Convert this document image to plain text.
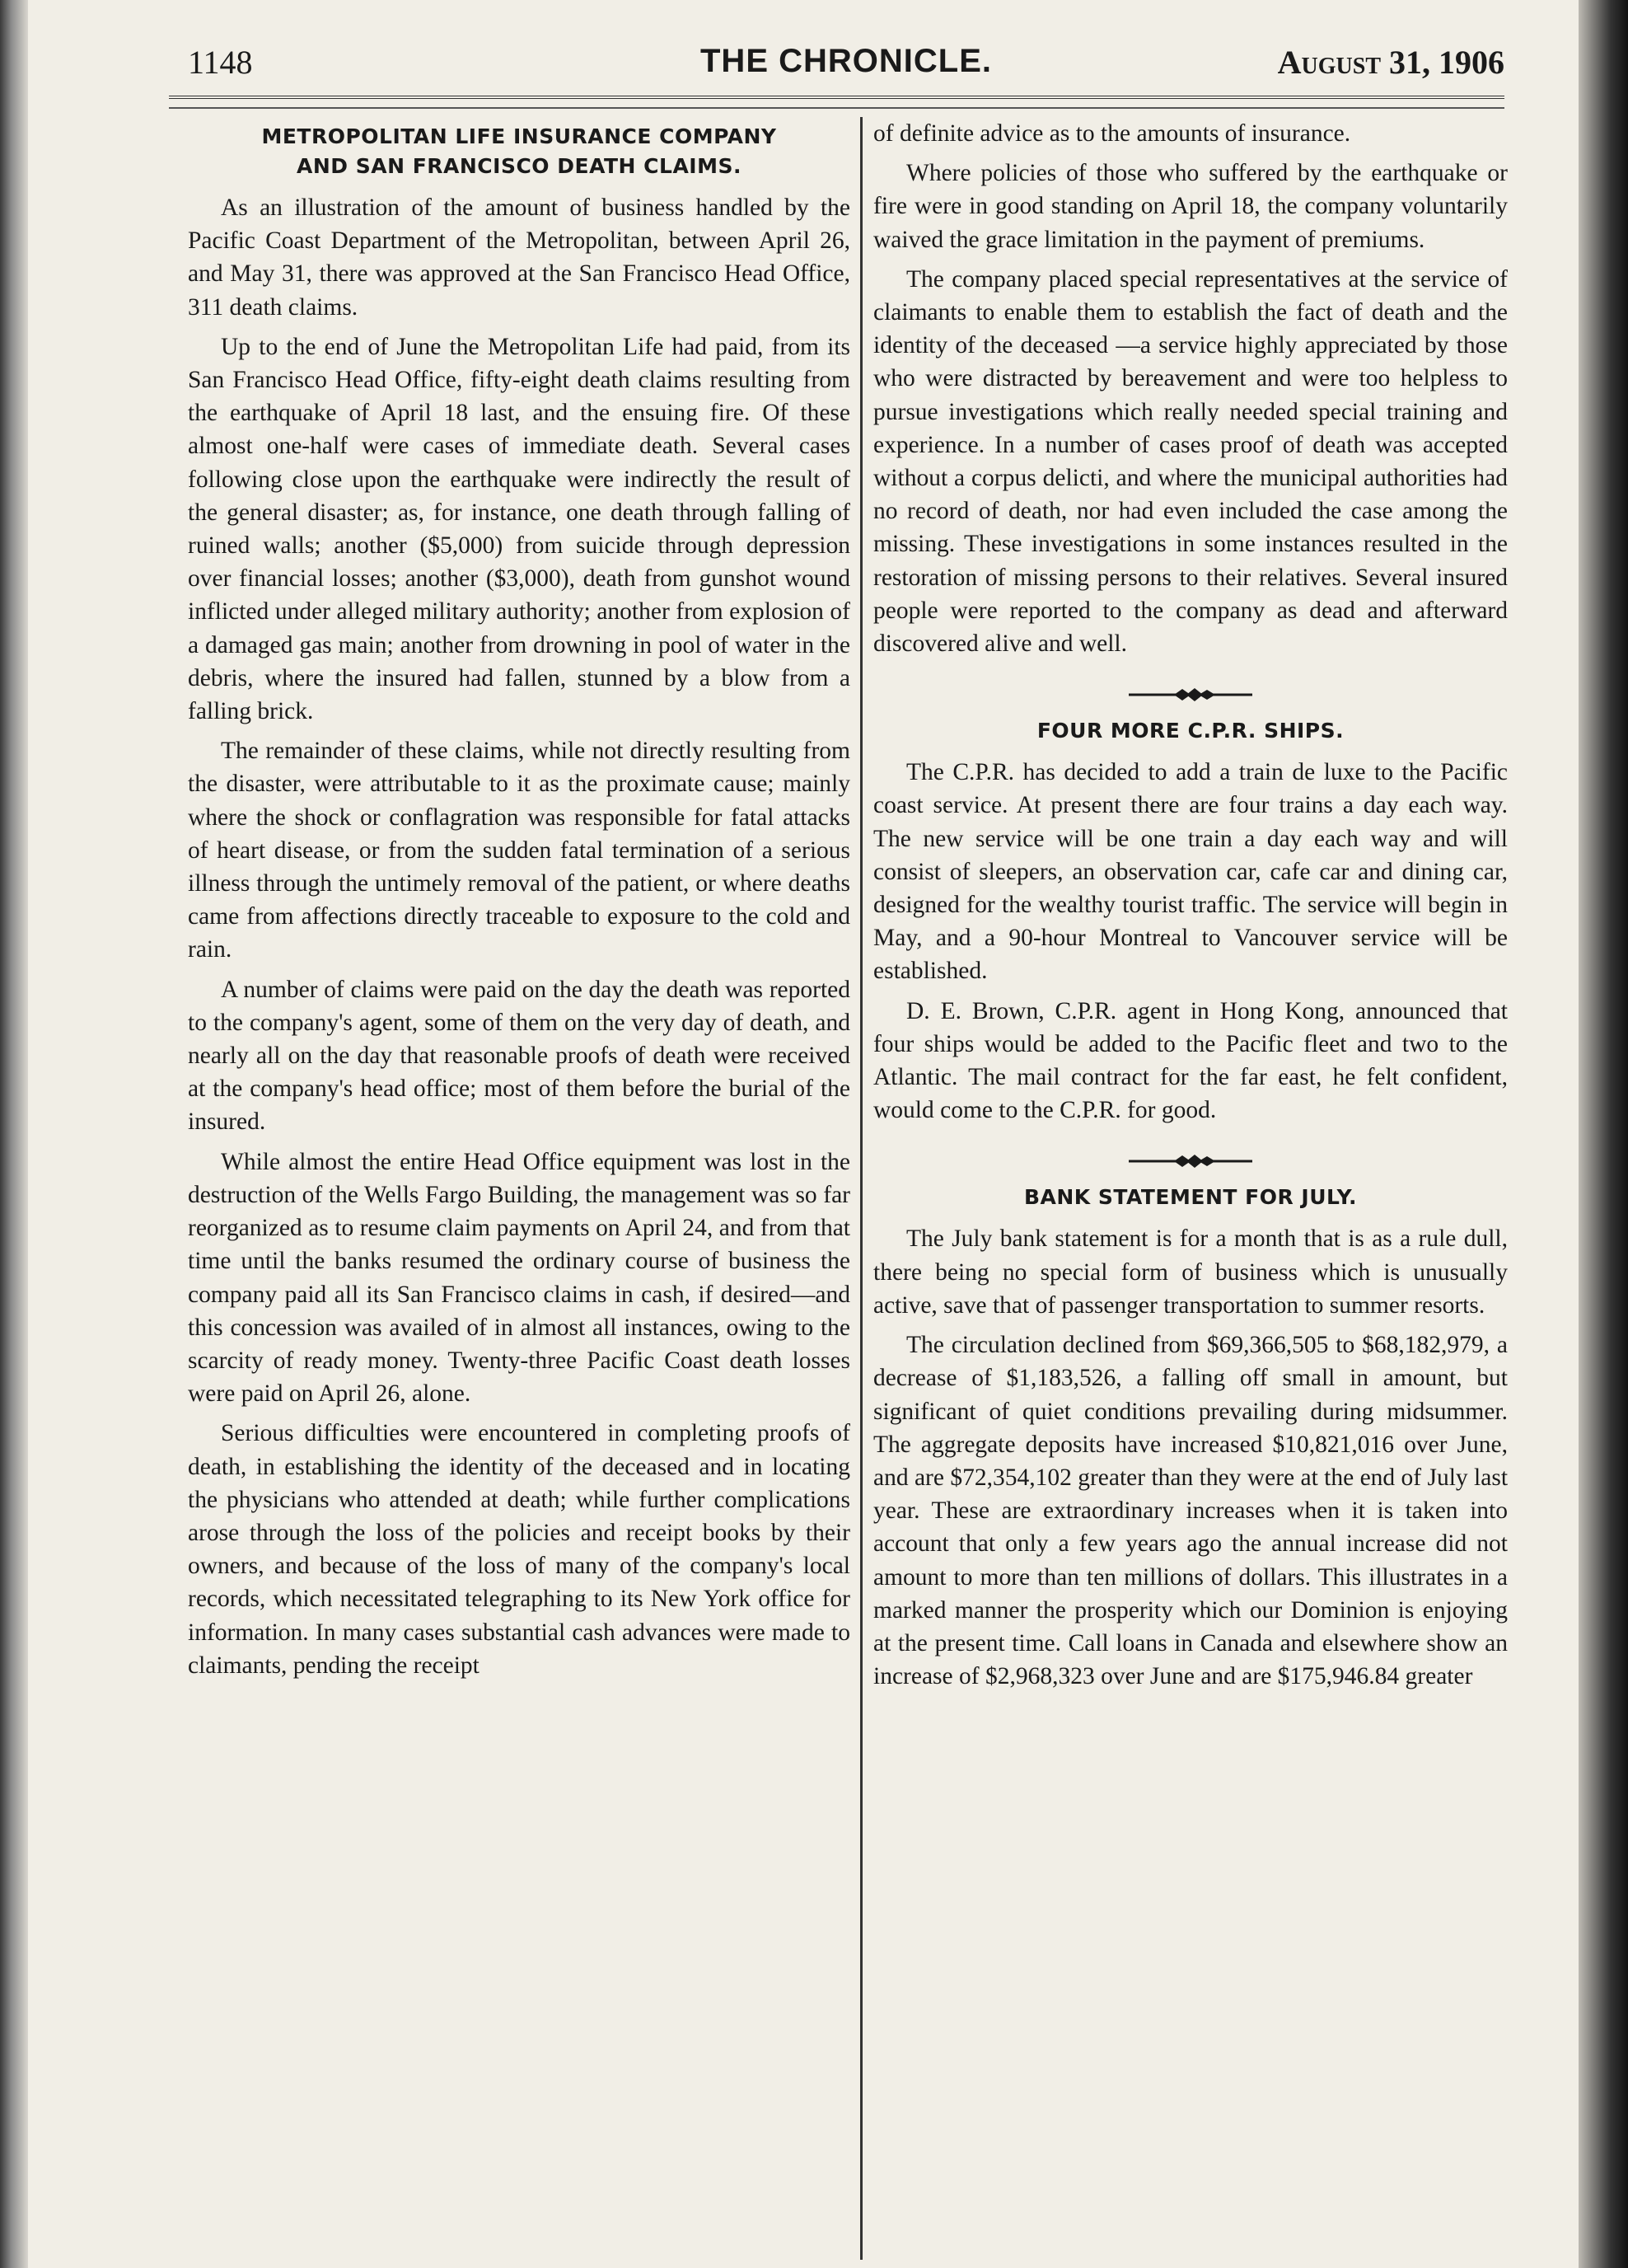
1148	THE CHRONICLE.	August 31, 1906
METROPOLITAN LIFE INSURANCE COMPANY
AND SAN FRANCISCO DEATH CLAIMS.

As an illustration of the amount of business handled by the Pacific Coast Department of the Metropolitan, between April 26, and May 31, there was approved at the San Francisco Head Office, 311 death claims.

Up to the end of June the Metropolitan Life had paid, from its San Francisco Head Office, fifty-eight death claims resulting from the earthquake of April 18 last, and the ensuing fire. Of these almost one-half were cases of immediate death. Several cases following close upon the earthquake were indirectly the result of the general disaster; as, for instance, one death through falling of ruined walls; another ($5,000) from suicide through depression over financial losses; another ($3,000), death from gunshot wound inflicted under alleged military authority; another from explosion of a damaged gas main; another from drowning in pool of water in the debris, where the insured had fallen, stunned by a blow from a falling brick.

The remainder of these claims, while not directly resulting from the disaster, were attributable to it as the proximate cause; mainly where the shock or conflagration was responsible for fatal attacks of heart disease, or from the sudden fatal termination of a serious illness through the untimely removal of the patient, or where deaths came from affections directly traceable to exposure to the cold and rain.

A number of claims were paid on the day the death was reported to the company's agent, some of them on the very day of death, and nearly all on the day that reasonable proofs of death were received at the company's head office; most of them before the burial of the insured.

While almost the entire Head Office equipment was lost in the destruction of the Wells Fargo Building, the management was so far reorganized as to resume claim payments on April 24, and from that time until the banks resumed the ordinary course of business the company paid all its San Francisco claims in cash, if desired—and this concession was availed of in almost all instances, owing to the scarcity of ready money. Twenty-three Pacific Coast death losses were paid on April 26, alone.

Serious difficulties were encountered in completing proofs of death, in establishing the identity of the deceased and in locating the physicians who attended at death; while further complications arose through the loss of the policies and receipt books by their owners, and because of the loss of many of the company's local records, which necessitated telegraphing to its New York office for information. In many cases substantial cash advances were made to claimants, pending the receipt

of definite advice as to the amounts of insurance.

Where policies of those who suffered by the earthquake or fire were in good standing on April 18, the company voluntarily waived the grace limitation in the payment of premiums.

The company placed special representatives at the service of claimants to enable them to establish the fact of death and the identity of the deceased —a service highly appreciated by those who were distracted by bereavement and were too helpless to pursue investigations which really needed special training and experience. In a number of cases proof of death was accepted without a corpus delicti, and where the municipal authorities had no record of death, nor had even included the case among the missing. These investigations in some instances resulted in the restoration of missing persons to their relatives. Several insured people were reported to the company as dead and afterward discovered alive and well.

FOUR MORE C.P.R. SHIPS.

The C.P.R. has decided to add a train de luxe to the Pacific coast service. At present there are four trains a day each way. The new service will be one train a day each way and will consist of sleepers, an observation car, cafe car and dining car, designed for the wealthy tourist traffic. The service will begin in May, and a 90-hour Montreal to Vancouver service will be established.

D. E. Brown, C.P.R. agent in Hong Kong, announced that four ships would be added to the Pacific fleet and two to the Atlantic. The mail contract for the far east, he felt confident, would come to the C.P.R. for good.

BANK STATEMENT FOR JULY.

The July bank statement is for a month that is as a rule dull, there being no special form of business which is unusually active, save that of passenger transportation to summer resorts.

The circulation declined from $69,366,505 to $68,182,979, a decrease of $1,183,526, a falling off small in amount, but significant of quiet conditions prevailing during midsummer. The aggregate deposits have increased $10,821,016 over June, and are $72,354,102 greater than they were at the end of July last year. These are extraordinary increases when it is taken into account that only a few years ago the annual increase did not amount to more than ten millions of dollars. This illustrates in a marked manner the prosperity which our Dominion is enjoying at the present time. Call loans in Canada and elsewhere show an increase of $2,968,323 over June and are $175,946.84 greater
